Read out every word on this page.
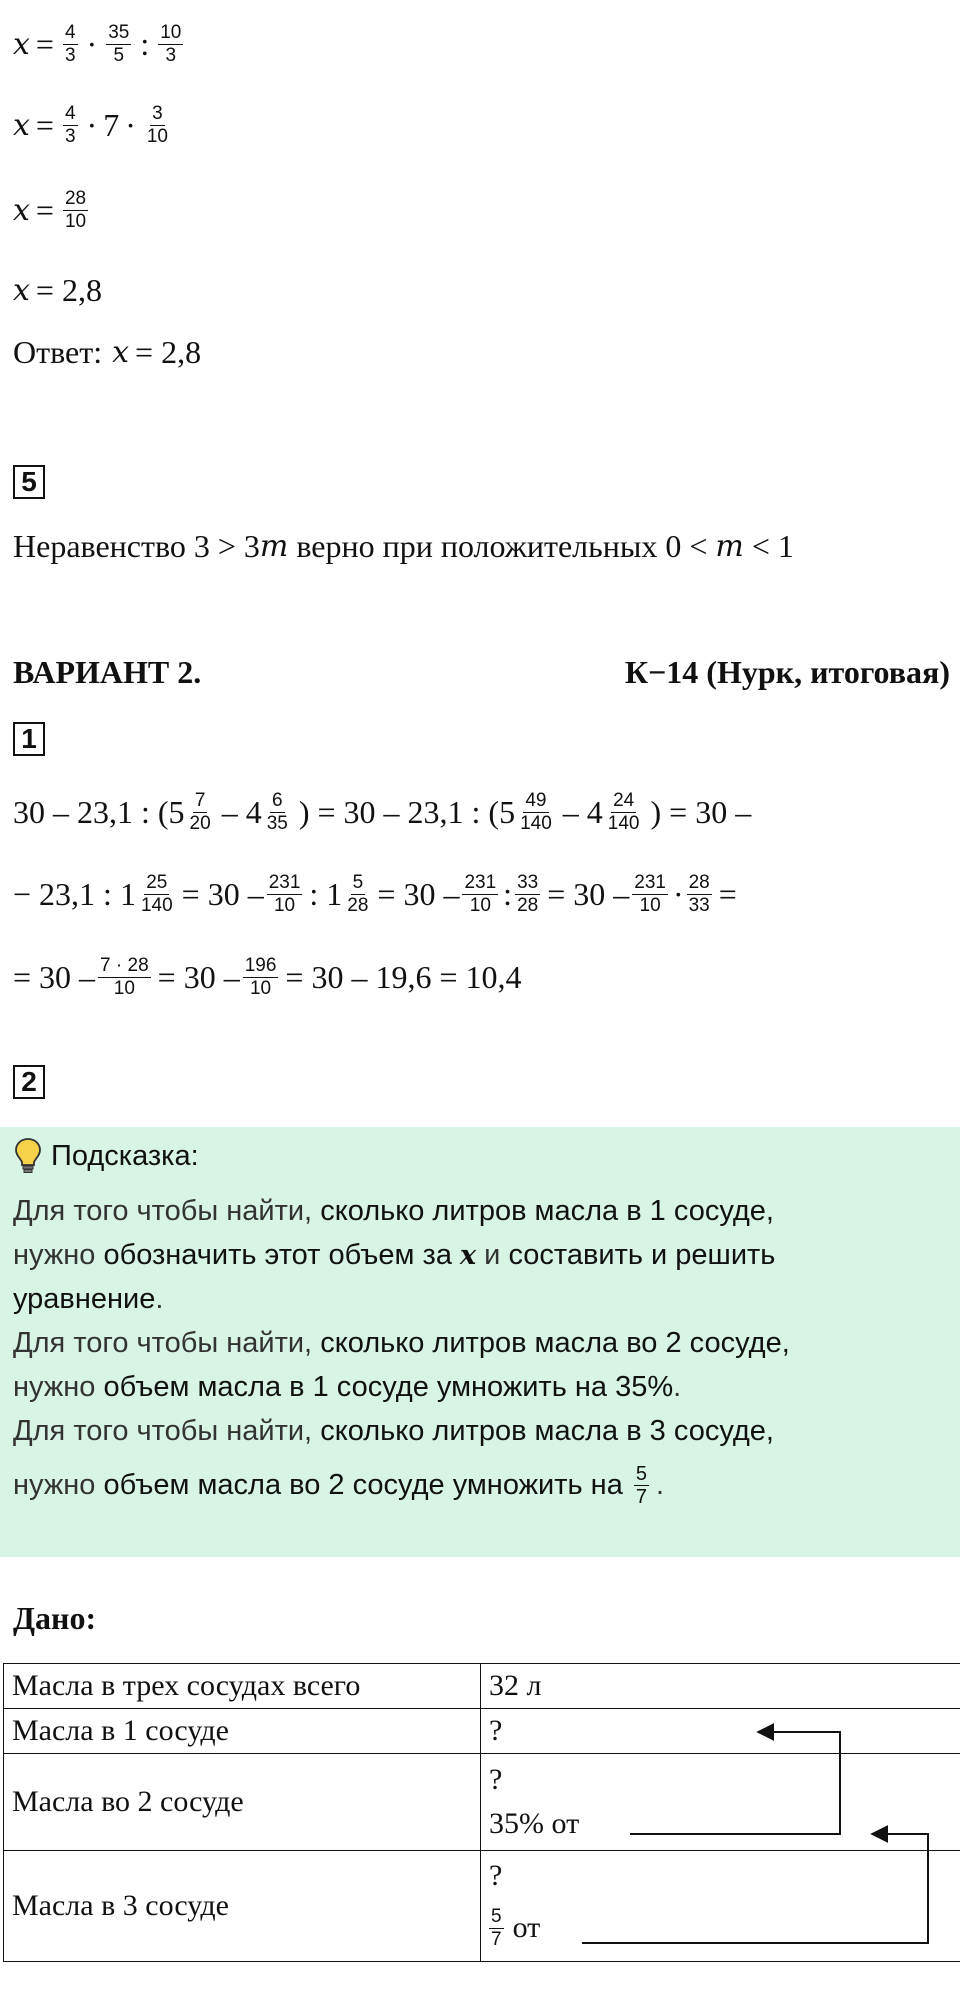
$x = \frac{4}{3} \cdot \frac{35}{5}$ : $\frac{10}{3}$
$x = \frac{4}{3} \cdot 7 \cdot \frac{3}{10}$
$x = \frac{28}{10}$
x = 2,8
Ответ: x = 2,8
5
Неравенство 3 > 3 m верно при положительных 0 < m < 1
ВАРИАНТ 2.	К−14 (Нурк, итоговая)
1
30 – 23,1 : ($5 \frac{7}{20} - 4 \frac{6}{35}$ ) = 30 – 23,1 : ($5 \frac{49}{140} - 4 \frac{24}{140}$ ) = 30 –
− 23,1 : $1 \frac{25}{140} = 30 - \frac{231}{10}$ : $1 \frac{5}{28} = 30 - \frac{231}{10}$ : $\frac{33}{28} = 30 - \frac{231}{10} \cdot \frac{28}{33}$ =
= $30 - \frac{7 \cdot 28}{10} = 30 - \frac{196}{10} = 30 - 19,6 = 10,4$
2
Подсказка:
Для того чтобы найти, сколько литров масла в 1 сосуде ,
нужно обозначить этот объем за x и составить и решить
уравнение .
Для того чтобы найти, сколько литров масла во 2 сосуде ,
нужно объем масла в 1 сосуде умножить на 35% .
Для того чтобы найти, сколько литров масла в 3 сосуде ,
нужно объем масла во 2 сосуде умножить на $\frac{5}{7}$ .
Дано:
Масла в трех сосудах всего	32 л
Масла в 1 сосуде	?
Масла во 2 сосуде	?
35% от

Масла в 3 сосуде	?
$\frac{5}{7}$ от
